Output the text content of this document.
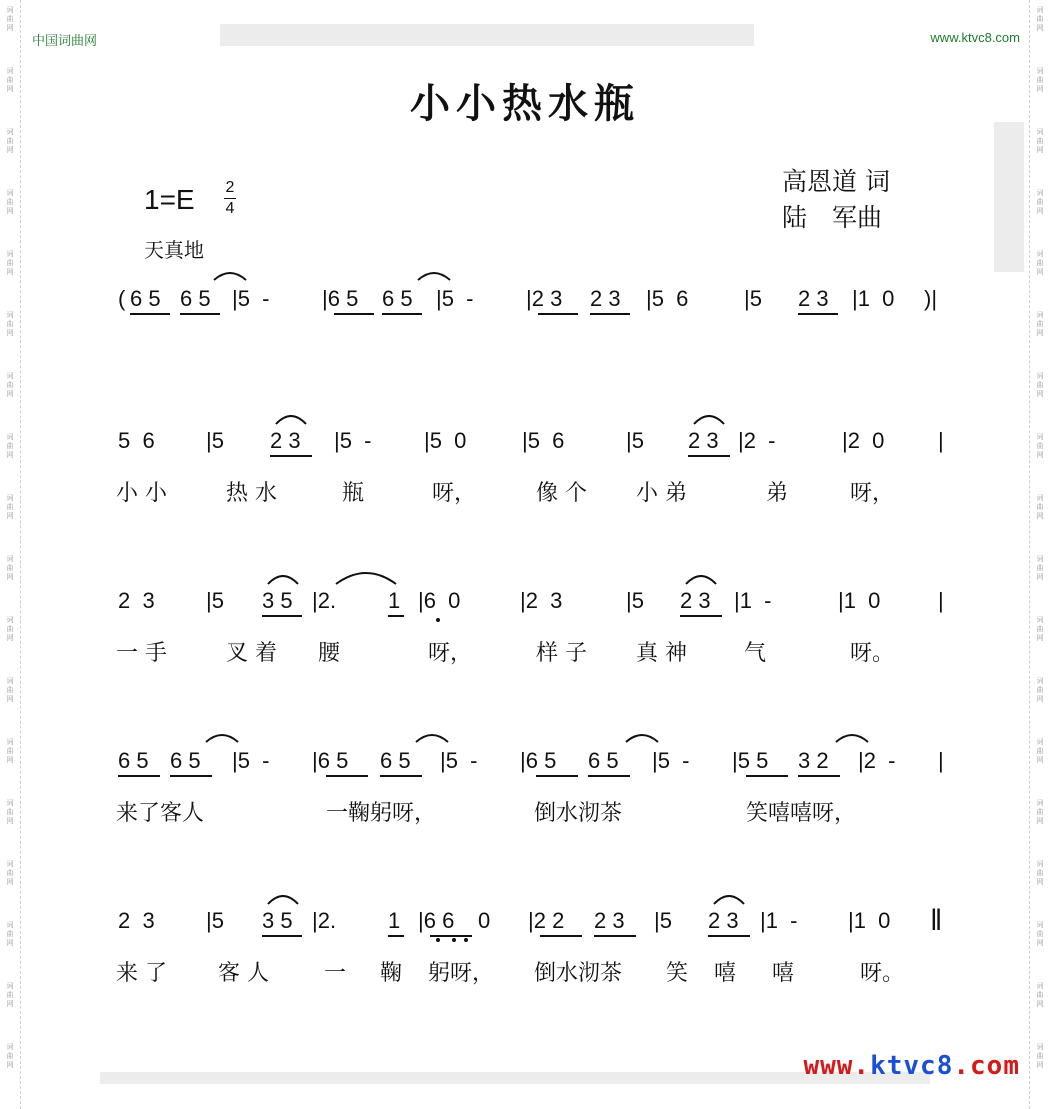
词
曲
网
词
曲
网
词
曲
网
词
曲
网
词
曲
网
词
曲
网
词
曲
网
词
曲
网
词
曲
网
词
曲
网
词
曲
网
词
曲
网
词
曲
网
词
曲
网
词
曲
网
词
曲
网
词
曲
网
词
曲
网
词
曲
网
词
曲
网
词
曲
网
词
曲
网
词
曲
网
词
曲
网
词
曲
网
词
曲
网
词
曲
网
词
曲
网
词
曲
网
词
曲
网
词
曲
网
词
曲
网
词
曲
网
词
曲
网
词
曲
网
词
曲
网
中国词曲网	www.ktvc8.com
小小热水瓶
高恩道 词
陆　军曲
1=E 2
4
天真地
( 6 5 6 5 |5  - |6 5 6 5 |5  - |2 3 2 3 |5  6	|5 2 3 |1  0 )|
5  6 |5 2 3 |5  - |5  0	|5  6	|5 2 3 |2  -	|2  0 |
小 小	热 水	瓶	呀，	像 个 小 弟	弟	呀，
2  3 |5 3 5 |2. 1 |6  0	|2  3	|5 2 3 |1  -	|1  0	|
一 手	叉 着 腰	呀，	样 子 真 神	气	呀。
6 5 6 5 |5  - |6 5 6 5 |5  - |6 5 6 5 |5  - |5 5 3 2 |2  - |
来了客人	一鞠躬呀，	倒水沏茶	笑嘻嘻呀，
2  3 |5 3 5 |2. 1 |6 6 0 |2 2 2 3 |5 2 3 |1  - |1  0 ‖
来 了 客 人	一 鞠 躬呀， 倒水沏茶 笑 嘻 嘻	呀。
www.ktvc8.com
